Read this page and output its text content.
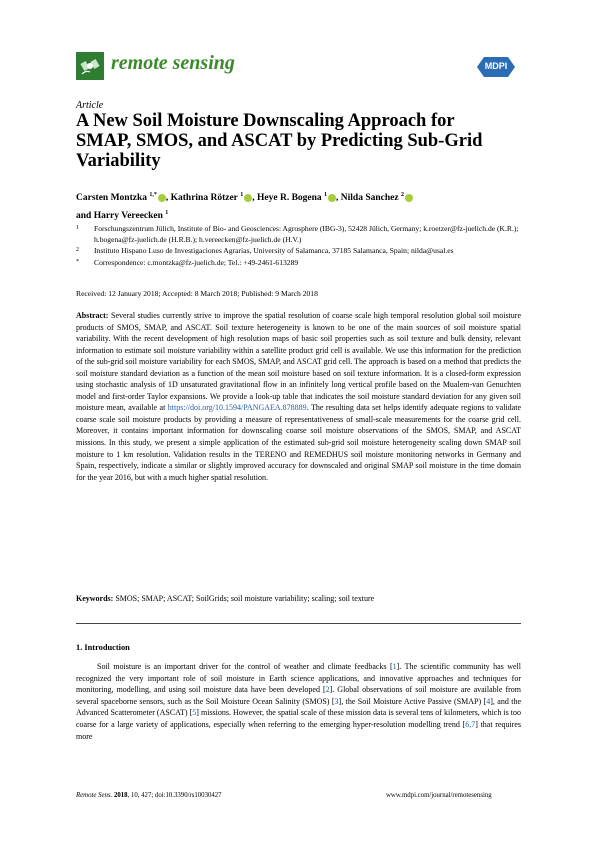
remote sensing	MDPI
Article
A New Soil Moisture Downscaling Approach for SMAP, SMOS, and ASCAT by Predicting Sub-Grid Variability
Carsten Montzka $^{1,*}$ , Kathrina Rötzer $^1$ , Heye R. Bogena $^1$ , Nilda Sanchez $^2$
and Harry Vereecken $^1$
1 Forschungszentrum Jülich, Institute of Bio- and Geosciences: Agrosphere (IBG-3), 52428 Jülich, Germany; k.roetzer@fz-juelich.de (K.R.); h.bogena@fz-juelich.de (H.R.B.); h.vereecken@fz-juelich.de (H.V.)
2 Instituto Hispano Luso de Investigaciones Agrarias, University of Salamanca, 37185 Salamanca, Spain; nilda@usal.es
* Correspondence: c.montzka@fz-juelich.de; Tel.: +49-2461-613289
Received: 12 January 2018; Accepted: 8 March 2018; Published: 9 March 2018
Abstract: Several studies currently strive to improve the spatial resolution of coarse scale high temporal resolution global soil moisture products of SMOS, SMAP, and ASCAT. Soil texture heterogeneity is known to be one of the main sources of soil moisture spatial variability. With the recent development of high resolution maps of basic soil properties such as soil texture and bulk density, relevant information to estimate soil moisture variability within a satellite product grid cell is available. We use this information for the prediction of the sub-grid soil moisture variability for each SMOS, SMAP, and ASCAT grid cell. The approach is based on a method that predicts the soil moisture standard deviation as a function of the mean soil moisture based on soil texture information. It is a closed-form expression using stochastic analysis of 1D unsaturated gravitational flow in an infinitely long vertical profile based on the Mualem-van Genuchten model and first-order Taylor expansions. We provide a look-up table that indicates the soil moisture standard deviation for any given soil moisture mean, available at https://doi.org/10.1594/PANGAEA.878889. The resulting data set helps identify adequate regions to validate coarse scale soil moisture products by providing a measure of representativeness of small-scale measurements for the coarse grid cell. Moreover, it contains important information for downscaling coarse soil moisture observations of the SMOS, SMAP, and ASCAT missions. In this study, we present a simple application of the estimated sub-grid soil moisture heterogeneity scaling down SMAP soil moisture to 1 km resolution. Validation results in the TERENO and REMEDHUS soil moisture monitoring networks in Germany and Spain, respectively, indicate a similar or slightly improved accuracy for downscaled and original SMAP soil moisture in the time domain for the year 2016, but with a much higher spatial resolution.
Keywords: SMOS; SMAP; ASCAT; SoilGrids; soil moisture variability; scaling; soil texture
1. Introduction
Soil moisture is an important driver for the control of weather and climate feedbacks [1]. The scientific community has well recognized the very important role of soil moisture in Earth science applications, and innovative approaches and techniques for monitoring, modelling, and using soil moisture data have been developed [2]. Global observations of soil moisture are available from several spaceborne sensors, such as the Soil Moisture Ocean Salinity (SMOS) [3], the Soil Moisture Active Passive (SMAP) [4], and the Advanced Scatterometer (ASCAT) [5] missions. However, the spatial scale of these mission data is several tens of kilometers, which is too coarse for a large variety of applications, especially when referring to the emerging hyper-resolution modelling trend [6,7] that requires more
Remote Sens. 2018, 10, 427; doi:10.3390/rs10030427	www.mdpi.com/journal/remotesensing
